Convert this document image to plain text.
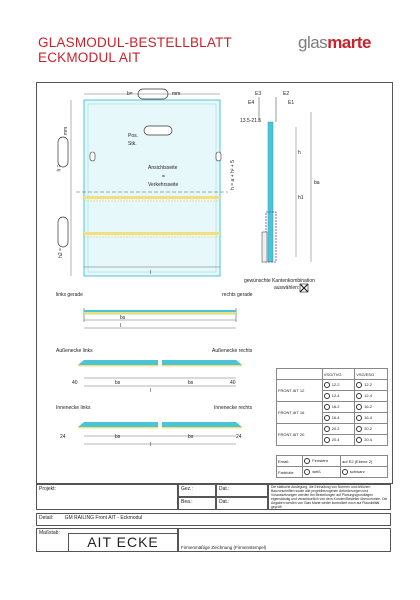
GLASMODUL-BESTELLBLATT
ECKMODUL AIT
glasmarte
b=	mm
mm
Pos.
Stk.
Ansichtsseite
=
Verkehrsseite
h =
h2 =
l
h = a + h² + 5
E3	E2
E4	E1
13.5-21.5
h
h1
ba
gewünschte Kantenkombination
auswählen:
links gerade	rechts gerade
bs
l
Außenecke links	Außenecke rechts
40	bs	bs	40
l
Innenecke links	Innenecke rechts
24	bs	bs	24
l
	VSG/TVG	VSG/ESG
FRONT AIT 12	12.2	12.2
	12.4	12.4
FRONT AIT 16	16.2	16.2
	16.4	16.4
FRONT AIT 20	20.2	20.2
	20.4	20.4
Email:	Fenstern	auf E2 (Ebene 2)
Farbfolie	weiß	schwarz
Projekt:	Gez.:	Dat.:
Bea.:	Dat.:
Die statische Auslegung, die Einhaltung von Normen und örtlichen Bauvorschriften sowie alle projektbezogenen Anforderungen und Voraussetzungen werden bei Bestellungen auf Planungsgrundlagen eigenständig und verantwortlich von dem Kunden/Besteller übernommen. Die Angaben werden von Glas Marte weder kontrolliert noch auf Plausibilität geprüft.
Detail: GM RAILING Front AIT - Eckmodul
Maßstab:
AIT ECKE	Firmenmäßige Zeichnung (Firmenstempel)
